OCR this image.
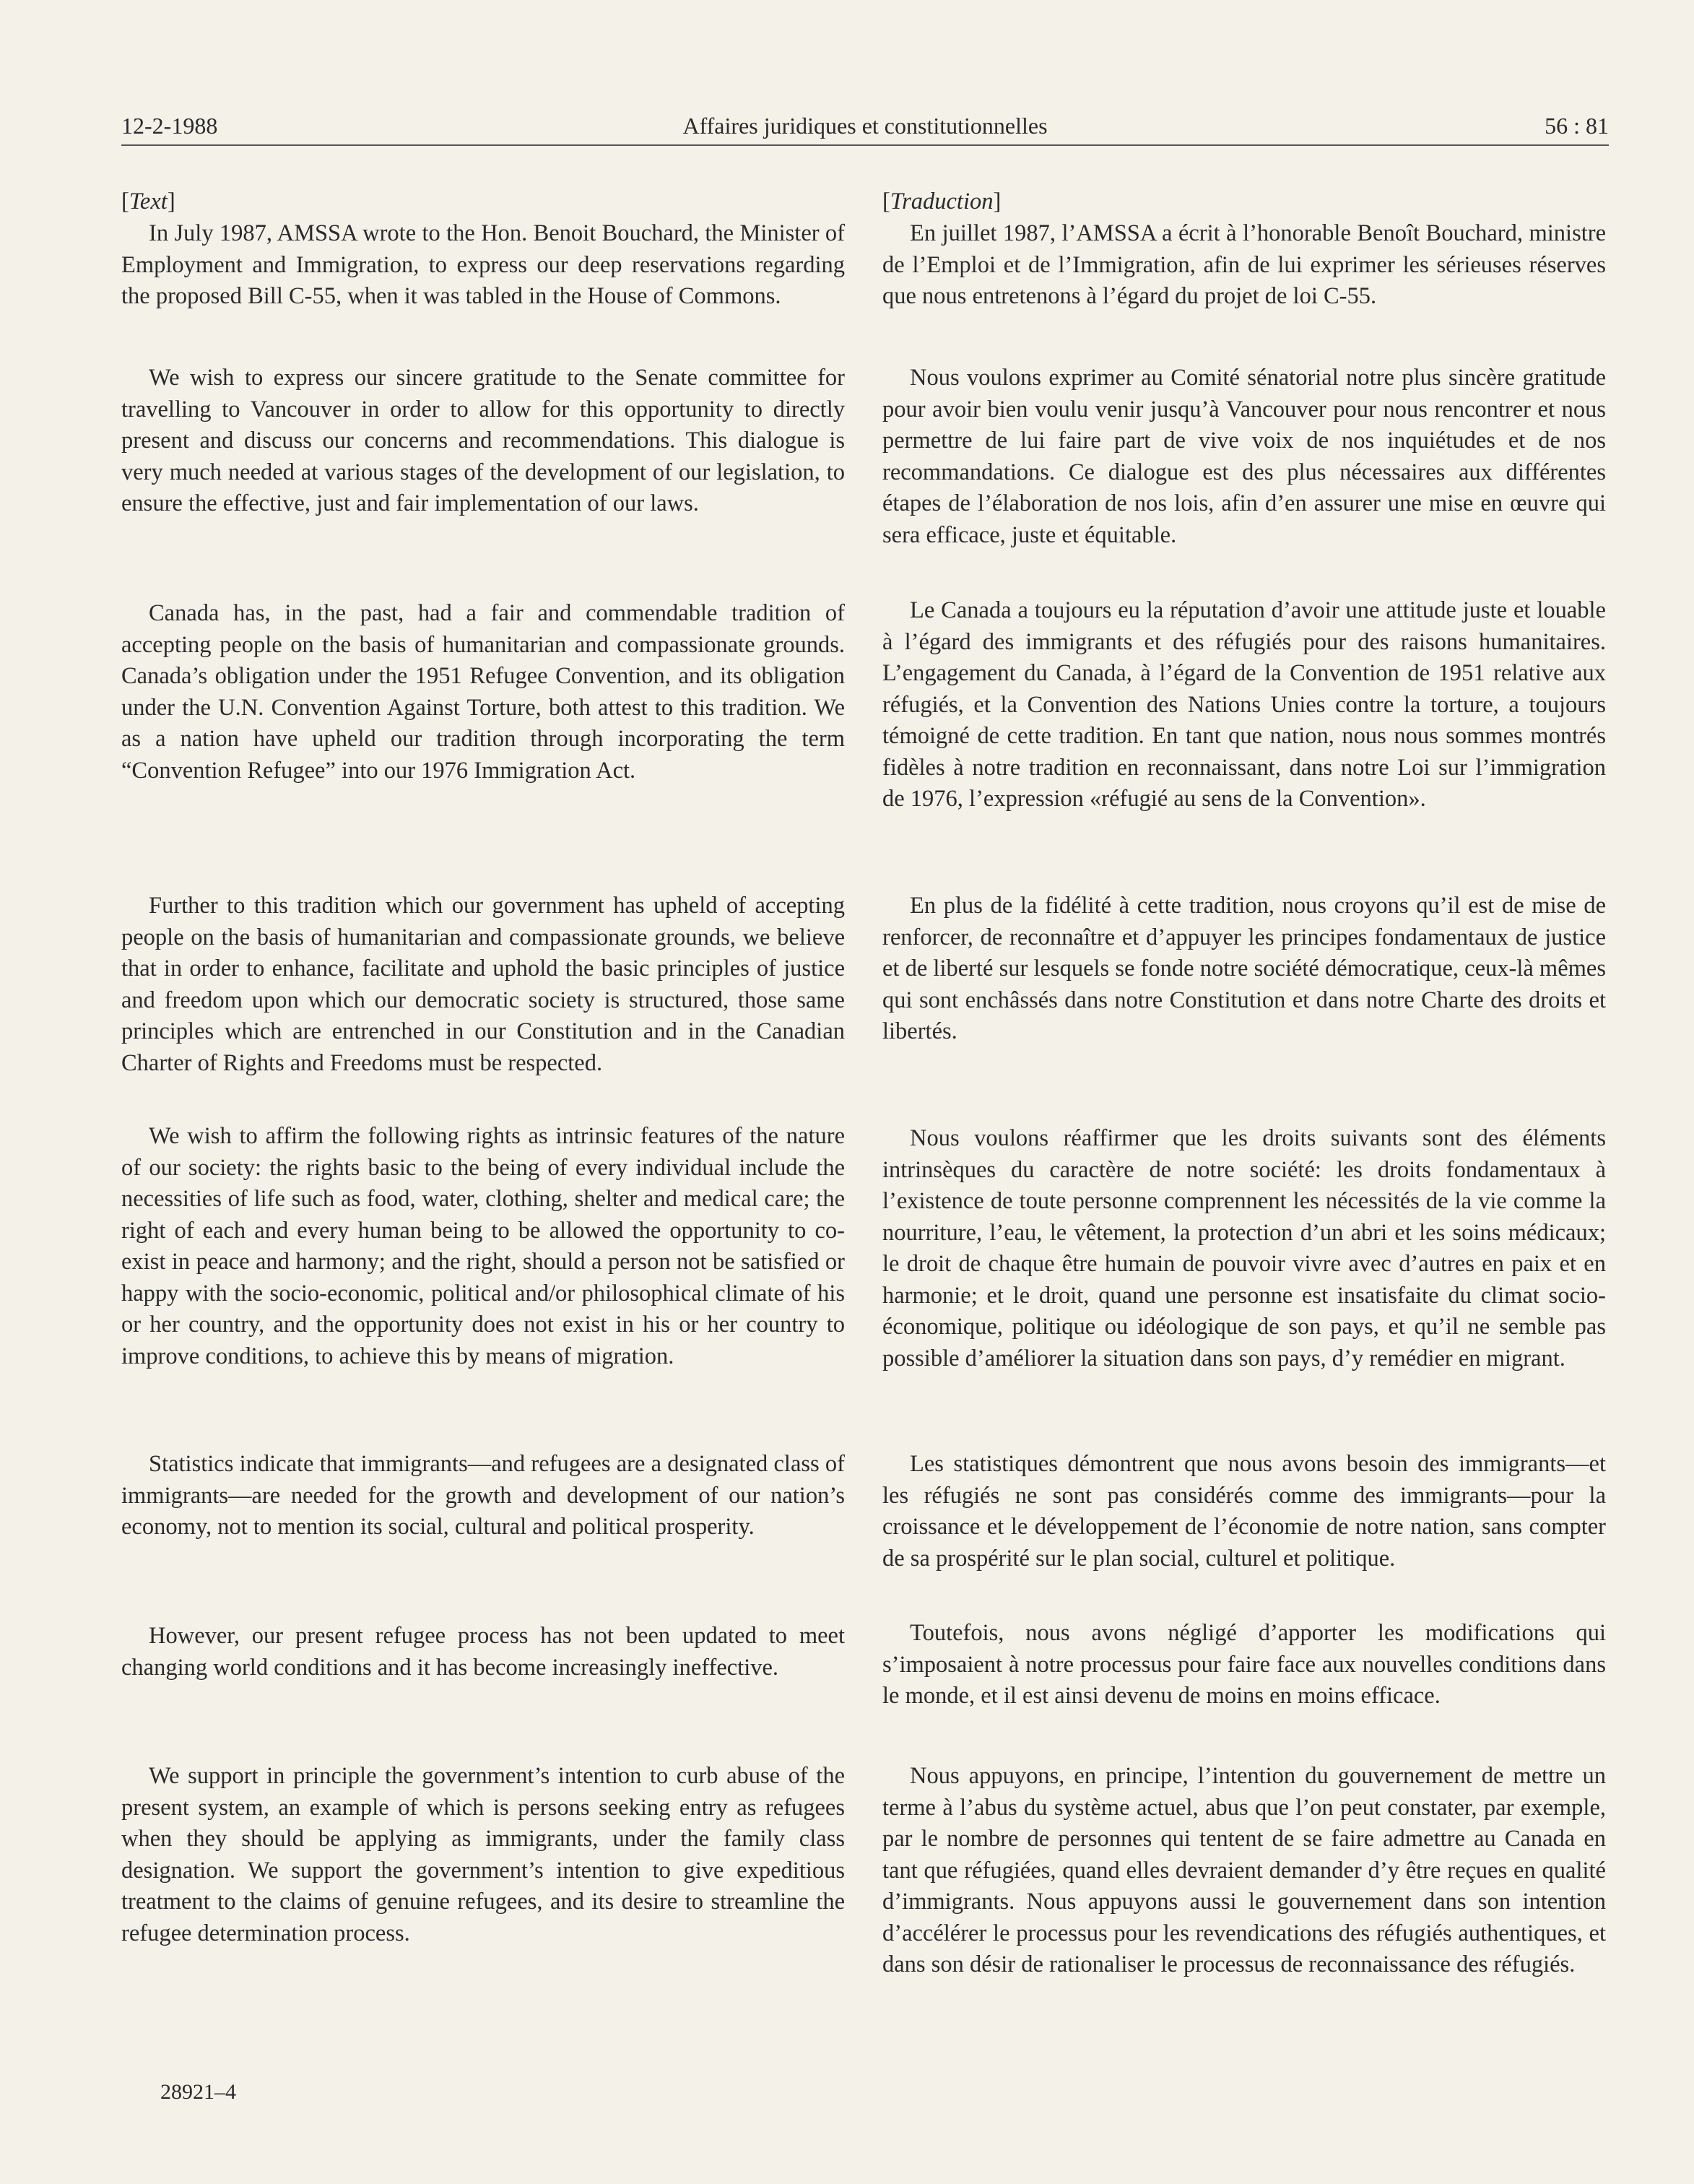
12-2-1988	Affaires juridiques et constitutionnelles	56 : 81

[Text]

In July 1987, AMSSA wrote to the Hon. Benoit Bouchard, the Minister of Employment and Immigration, to express our deep reservations regarding the proposed Bill C-55, when it was tabled in the House of Commons.

We wish to express our sincere gratitude to the Senate committee for travelling to Vancouver in order to allow for this opportunity to directly present and discuss our concerns and recommendations. This dialogue is very much needed at various stages of the development of our legislation, to ensure the effective, just and fair implementation of our laws.

Canada has, in the past, had a fair and commendable tradition of accepting people on the basis of humanitarian and compassionate grounds. Canada’s obligation under the 1951 Refugee Convention, and its obligation under the U.N. Convention Against Torture, both attest to this tradition. We as a nation have upheld our tradition through incorporating the term “Convention Refugee” into our 1976 Immigration Act.

Further to this tradition which our government has upheld of accepting people on the basis of humanitarian and compassionate grounds, we believe that in order to enhance, facilitate and uphold the basic principles of justice and freedom upon which our democratic society is structured, those same principles which are entrenched in our Constitution and in the Canadian Charter of Rights and Freedoms must be respected.

We wish to affirm the following rights as intrinsic features of the nature of our society: the rights basic to the being of every individual include the necessities of life such as food, water, clothing, shelter and medical care; the right of each and every human being to be allowed the opportunity to co-exist in peace and harmony; and the right, should a person not be satisfied or happy with the socio-economic, political and/or philosophical climate of his or her country, and the opportunity does not exist in his or her country to improve conditions, to achieve this by means of migration.

Statistics indicate that immigrants—and refugees are a designated class of immigrants—are needed for the growth and development of our nation’s economy, not to mention its social, cultural and political prosperity.

However, our present refugee process has not been updated to meet changing world conditions and it has become increasingly ineffective.

We support in principle the government’s intention to curb abuse of the present system, an example of which is persons seeking entry as refugees when they should be applying as immigrants, under the family class designation. We support the government’s intention to give expeditious treatment to the claims of genuine refugees, and its desire to streamline the refugee determination process.

[Traduction]

En juillet 1987, l’AMSSA a écrit à l’honorable Benoît Bouchard, ministre de l’Emploi et de l’Immigration, afin de lui exprimer les sérieuses réserves que nous entretenons à l’égard du projet de loi C-55.

Nous voulons exprimer au Comité sénatorial notre plus sincère gratitude pour avoir bien voulu venir jusqu’à Vancouver pour nous rencontrer et nous permettre de lui faire part de vive voix de nos inquiétudes et de nos recommandations. Ce dialogue est des plus nécessaires aux différentes étapes de l’élaboration de nos lois, afin d’en assurer une mise en œuvre qui sera efficace, juste et équitable.

Le Canada a toujours eu la réputation d’avoir une attitude juste et louable à l’égard des immigrants et des réfugiés pour des raisons humanitaires. L’engagement du Canada, à l’égard de la Convention de 1951 relative aux réfugiés, et la Convention des Nations Unies contre la torture, a toujours témoigné de cette tradition. En tant que nation, nous nous sommes montrés fidèles à notre tradition en reconnaissant, dans notre Loi sur l’immigration de 1976, l’expression «réfugié au sens de la Convention».

En plus de la fidélité à cette tradition, nous croyons qu’il est de mise de renforcer, de reconnaître et d’appuyer les principes fondamentaux de justice et de liberté sur lesquels se fonde notre société démocratique, ceux-là mêmes qui sont enchâssés dans notre Constitution et dans notre Charte des droits et libertés.

Nous voulons réaffirmer que les droits suivants sont des éléments intrinsèques du caractère de notre société: les droits fondamentaux à l’existence de toute personne comprennent les nécessités de la vie comme la nourriture, l’eau, le vêtement, la protection d’un abri et les soins médicaux; le droit de chaque être humain de pouvoir vivre avec d’autres en paix et en harmonie; et le droit, quand une personne est insatisfaite du climat socio-économique, politique ou idéologique de son pays, et qu’il ne semble pas possible d’améliorer la situation dans son pays, d’y remédier en migrant.

Les statistiques démontrent que nous avons besoin des immigrants—et les réfugiés ne sont pas considérés comme des immigrants—pour la croissance et le développement de l’économie de notre nation, sans compter de sa prospérité sur le plan social, culturel et politique.

Toutefois, nous avons négligé d’apporter les modifications qui s’imposaient à notre processus pour faire face aux nouvelles conditions dans le monde, et il est ainsi devenu de moins en moins efficace.

Nous appuyons, en principe, l’intention du gouvernement de mettre un terme à l’abus du système actuel, abus que l’on peut constater, par exemple, par le nombre de personnes qui tentent de se faire admettre au Canada en tant que réfugiées, quand elles devraient demander d’y être reçues en qualité d’immigrants. Nous appuyons aussi le gouvernement dans son intention d’accélérer le processus pour les revendications des réfugiés authentiques, et dans son désir de rationaliser le processus de reconnaissance des réfugiés.

28921–4
